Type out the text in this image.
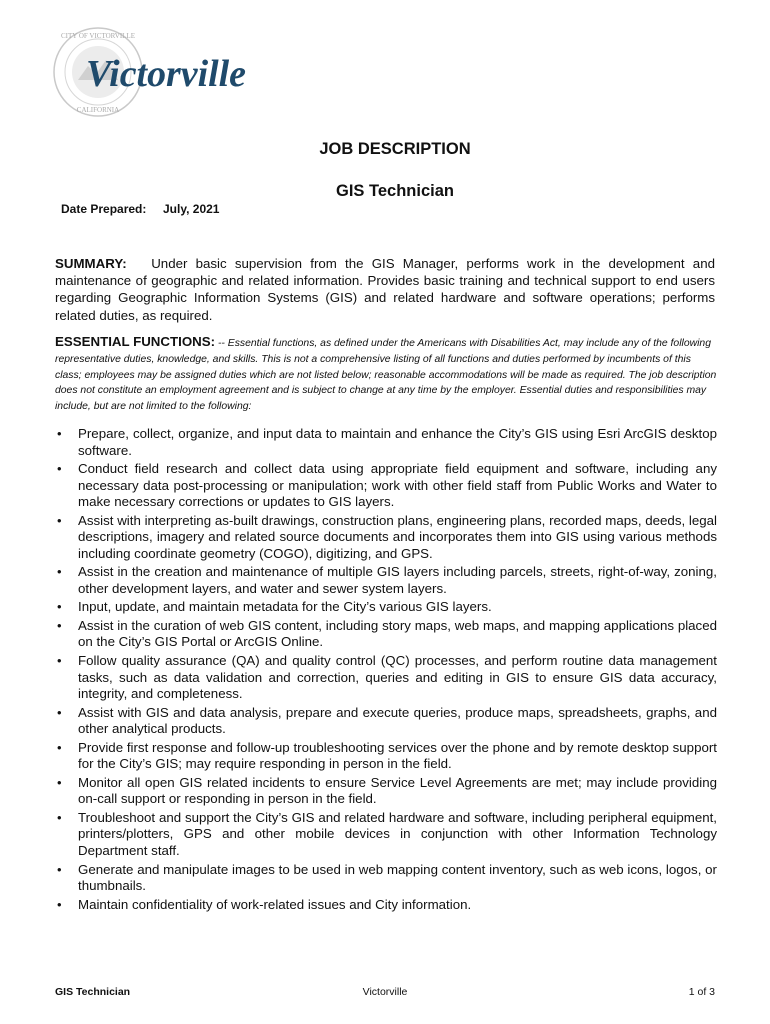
CITY OF VICTORVILLE
CALIFORNIA
Victorville
JOB DESCRIPTION
GIS Technician
Date Prepared: July, 2021
SUMMARY: Under basic supervision from the GIS Manager, performs work in the development and maintenance of geographic and related information. Provides basic training and technical support to end users regarding Geographic Information Systems (GIS) and related hardware and software operations; performs related duties, as required.
ESSENTIAL FUNCTIONS: -- Essential functions, as defined under the Americans with Disabilities Act, may include any of the following representative duties, knowledge, and skills. This is not a comprehensive listing of all functions and duties performed by incumbents of this class; employees may be assigned duties which are not listed below; reasonable accommodations will be made as required. The job description does not constitute an employment agreement and is subject to change at any time by the employer. Essential duties and responsibilities may include, but are not limited to the following:
• Prepare, collect, organize, and input data to maintain and enhance the City’s GIS using Esri ArcGIS desktop software.
• Conduct field research and collect data using appropriate field equipment and software, including any necessary data post-processing or manipulation; work with other field staff from Public Works and Water to make necessary corrections or updates to GIS layers.
• Assist with interpreting as-built drawings, construction plans, engineering plans, recorded maps, deeds, legal descriptions, imagery and related source documents and incorporates them into GIS using various methods including coordinate geometry (COGO), digitizing, and GPS.
• Assist in the creation and maintenance of multiple GIS layers including parcels, streets, right-of-way, zoning, other development layers, and water and sewer system layers.
• Input, update, and maintain metadata for the City’s various GIS layers.
• Assist in the curation of web GIS content, including story maps, web maps, and mapping applications placed on the City’s GIS Portal or ArcGIS Online.
• Follow quality assurance (QA) and quality control (QC) processes, and perform routine data management tasks, such as data validation and correction, queries and editing in GIS to ensure GIS data accuracy, integrity, and completeness.
• Assist with GIS and data analysis, prepare and execute queries, produce maps, spreadsheets, graphs, and other analytical products.
• Provide first response and follow-up troubleshooting services over the phone and by remote desktop support for the City’s GIS; may require responding in person in the field.
• Monitor all open GIS related incidents to ensure Service Level Agreements are met; may include providing on-call support or responding in person in the field.
• Troubleshoot and support the City’s GIS and related hardware and software, including peripheral equipment, printers/plotters, GPS and other mobile devices in conjunction with other Information Technology Department staff.
• Generate and manipulate images to be used in web mapping content inventory, such as web icons, logos, or thumbnails.
• Maintain confidentiality of work-related issues and City information.
GIS Technician	Victorville	1 of 3
